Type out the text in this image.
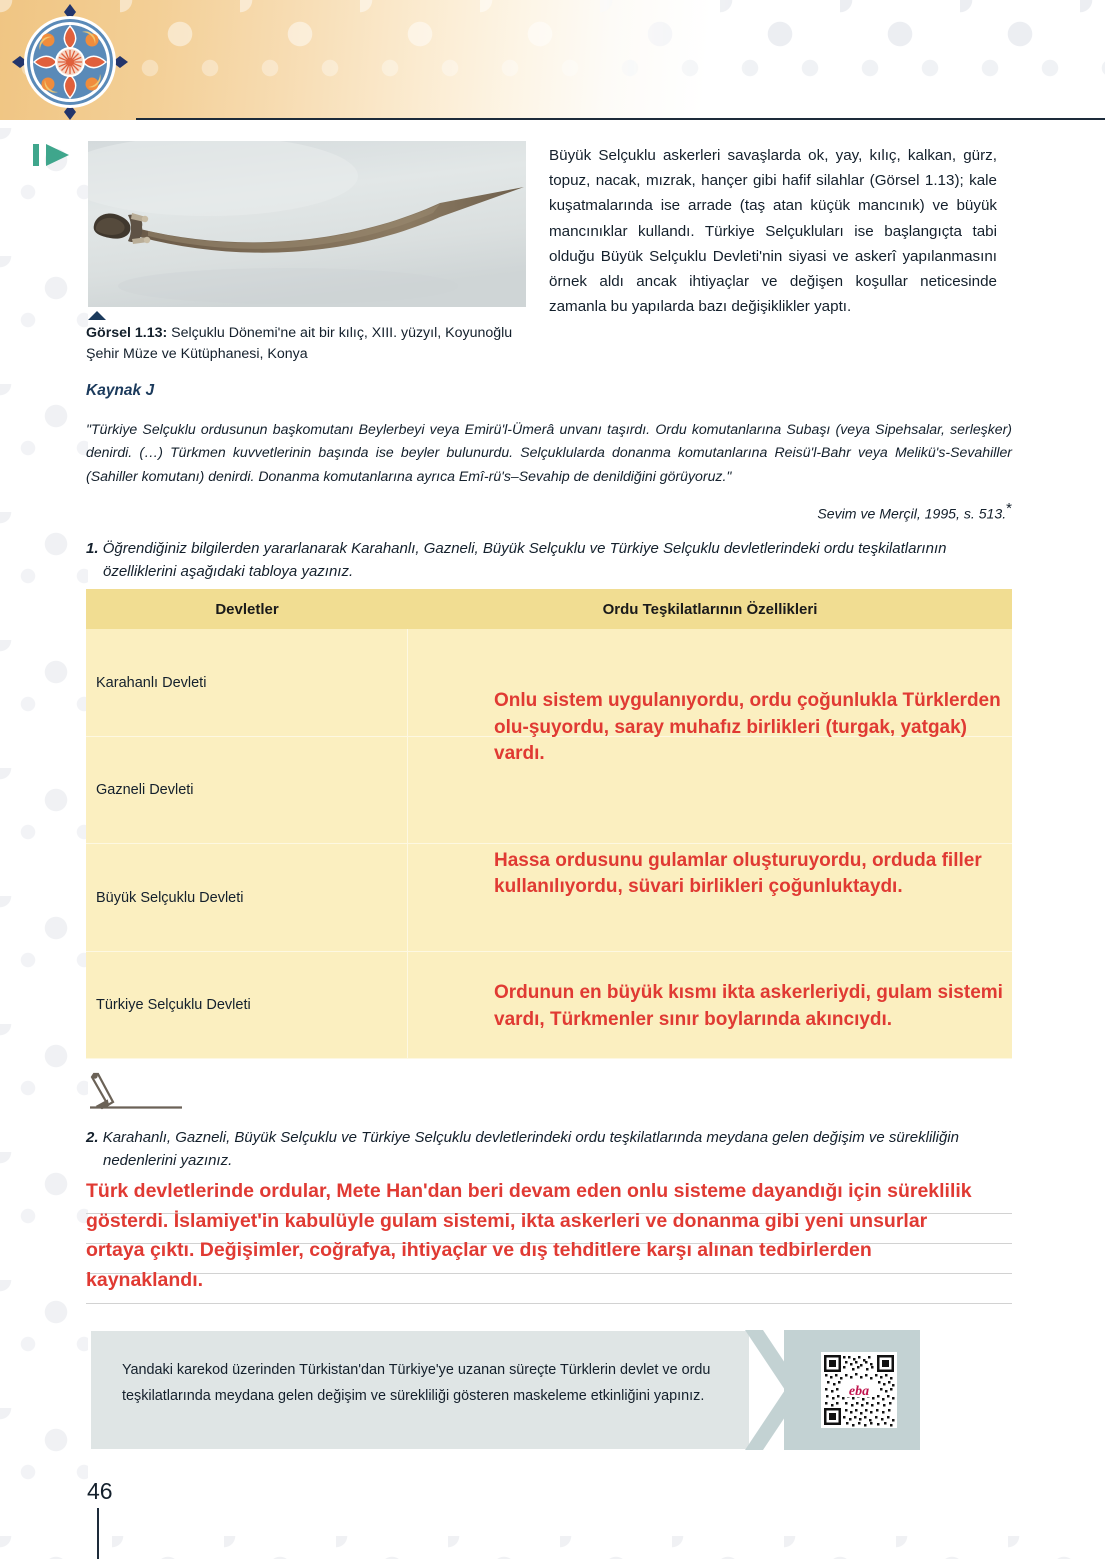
Görsel 1.13: Selçuklu Dönemi'ne ait bir kılıç, XIII. yüzyıl, Koyunoğlu Şehir Müze ve Kütüphanesi, Konya
Büyük Selçuklu askerleri savaşlarda ok, yay, kılıç, kalkan, gürz, topuz, nacak, mızrak, hançer gibi hafif silahlar (Görsel 1.13); kale kuşatmalarında ise arrade (taş atan küçük mancınık) ve büyük mancınıklar kullandı. Türkiye Selçukluları ise başlangıçta tabi olduğu Büyük Selçuklu Devleti'nin siyasi ve askerî yapılanmasını örnek aldı ancak ihtiyaçlar ve değişen koşullar neticesinde zamanla bu yapılarda bazı değişiklikler yaptı.
Kaynak J
"Türkiye Selçuklu ordusunun başkomutanı Beylerbeyi veya Emirü'l-Ümerâ unvanı taşırdı. Ordu komutanlarına Subaşı (veya Sipehsalar, serleşker) denirdi. (…) Türkmen kuvvetlerinin başında ise beyler bulunurdu. Selçuklularda donanma komutanlarına Reisü'l-Bahr veya Melikü's-Sevahiller (Sahiller komutanı) denirdi. Donanma komutanlarına ayrıca Emî-rü's–Sevahip de denildiğini görüyoruz."
Sevim ve Merçil, 1995, s. 513.*
1. Öğrendiğiniz bilgilerden yararlanarak Karahanlı, Gazneli, Büyük Selçuklu ve Türkiye Selçuklu devletlerindeki ordu teşkilatlarının özelliklerini aşağıdaki tabloya yazınız.
Devletler	Ordu Teşkilatlarının Özellikleri
Karahanlı Devleti
Gazneli Devleti
Büyük Selçuklu Devleti
Türkiye Selçuklu Devleti

Onlu sistem uygulanıyordu, ordu çoğunlukla Türklerden
olu-şuyordu, saray muhafız birlikleri (turgak, yatgak)
vardı.

Hassa ordusunu gulamlar oluşturuyordu, orduda filler
kullanılıyordu, süvari birlikleri çoğunluktaydı.

Ordunun en büyük kısmı ikta askerleriydi, gulam sistemi
vardı, Türkmenler sınır boylarında akıncıydı.

2. Karahanlı, Gazneli, Büyük Selçuklu ve Türkiye Selçuklu devletlerindeki ordu teşkilatlarında meydana gelen değişim ve sürekliliğin nedenlerini yazınız.
Türk devletlerinde ordular, Mete Han'dan beri devam eden onlu sisteme dayandığı için süreklilik gösterdi. İslamiyet'in kabulüyle gulam sistemi, ikta askerleri ve donanma gibi yeni unsurlar ortaya çıktı. Değişimler, coğrafya, ihtiyaçlar ve dış tehditlere karşı alınan tedbirlerden kaynaklandı.
Yandaki karekod üzerinden Türkistan'dan Türkiye'ye uzanan süreçte Türklerin devlet ve ordu teşkilatlarında meydana gelen değişim ve sürekliliği gösteren maskeleme etkinliğini yapınız.	eba
46
